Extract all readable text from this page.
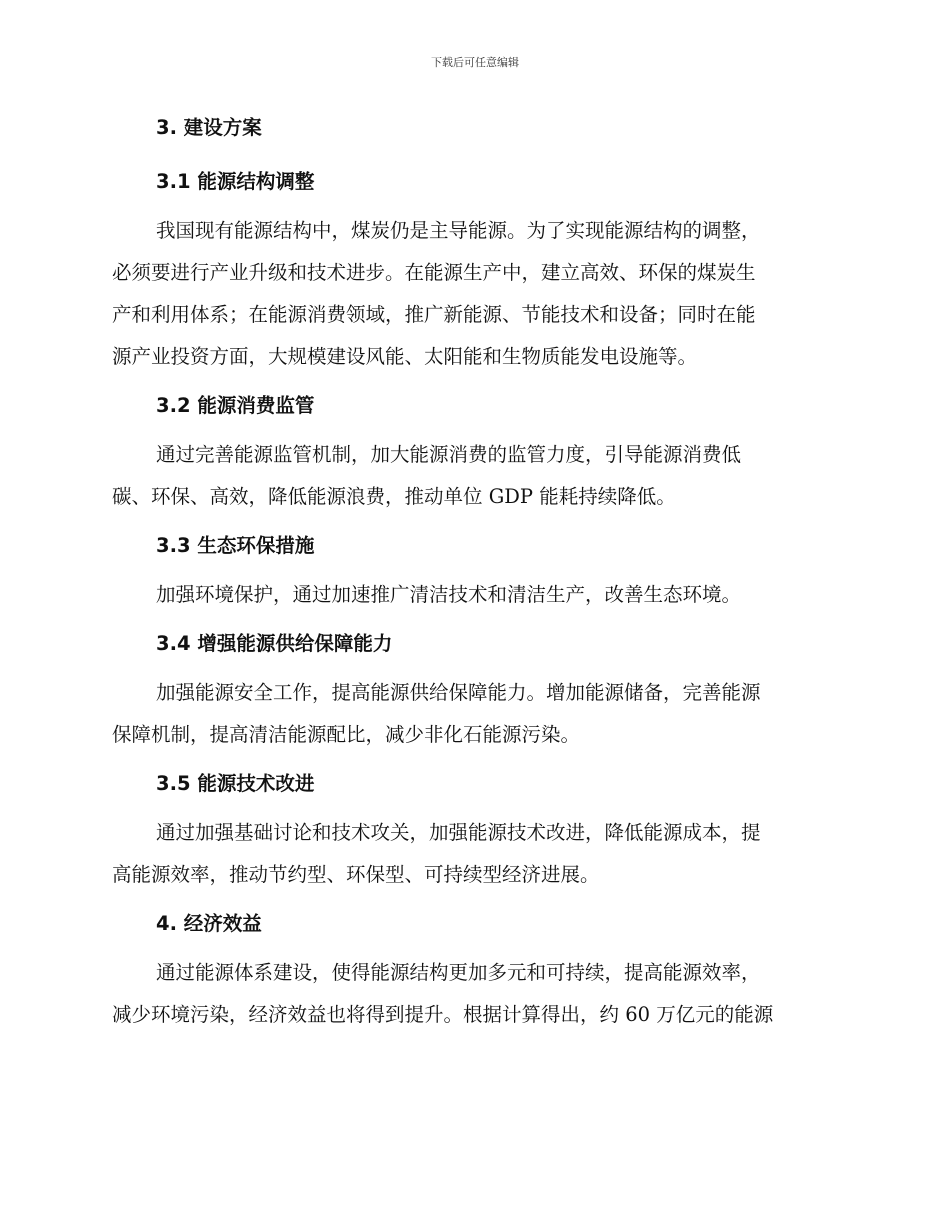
下载后可任意编辑
3. 建设方案
3.1 能源结构调整

我国现有能源结构中，煤炭仍是主导能源。为了实现能源结构的调整，
必须要进行产业升级和技术进步。在能源生产中，建立高效、环保的煤炭生
产和利用体系；在能源消费领域，推广新能源、节能技术和设备；同时在能
源产业投资方面，大规模建设风能、太阳能和生物质能发电设施等。

3.2 能源消费监管

通过完善能源监管机制，加大能源消费的监管力度，引导能源消费低
碳、环保、高效，降低能源浪费，推动单位 GDP 能耗持续降低。

3.3 生态环保措施

加强环境保护，通过加速推广清洁技术和清洁生产，改善生态环境。

3.4 增强能源供给保障能力

加强能源安全工作，提高能源供给保障能力。增加能源储备，完善能源
保障机制，提高清洁能源配比，减少非化石能源污染。

3.5 能源技术改进

通过加强基础讨论和技术攻关，加强能源技术改进，降低能源成本，提
高能源效率，推动节约型、环保型、可持续型经济进展。

4. 经济效益

通过能源体系建设，使得能源结构更加多元和可持续，提高能源效率，
减少环境污染，经济效益也将得到提升。根据计算得出，约 60 万亿元的能源
